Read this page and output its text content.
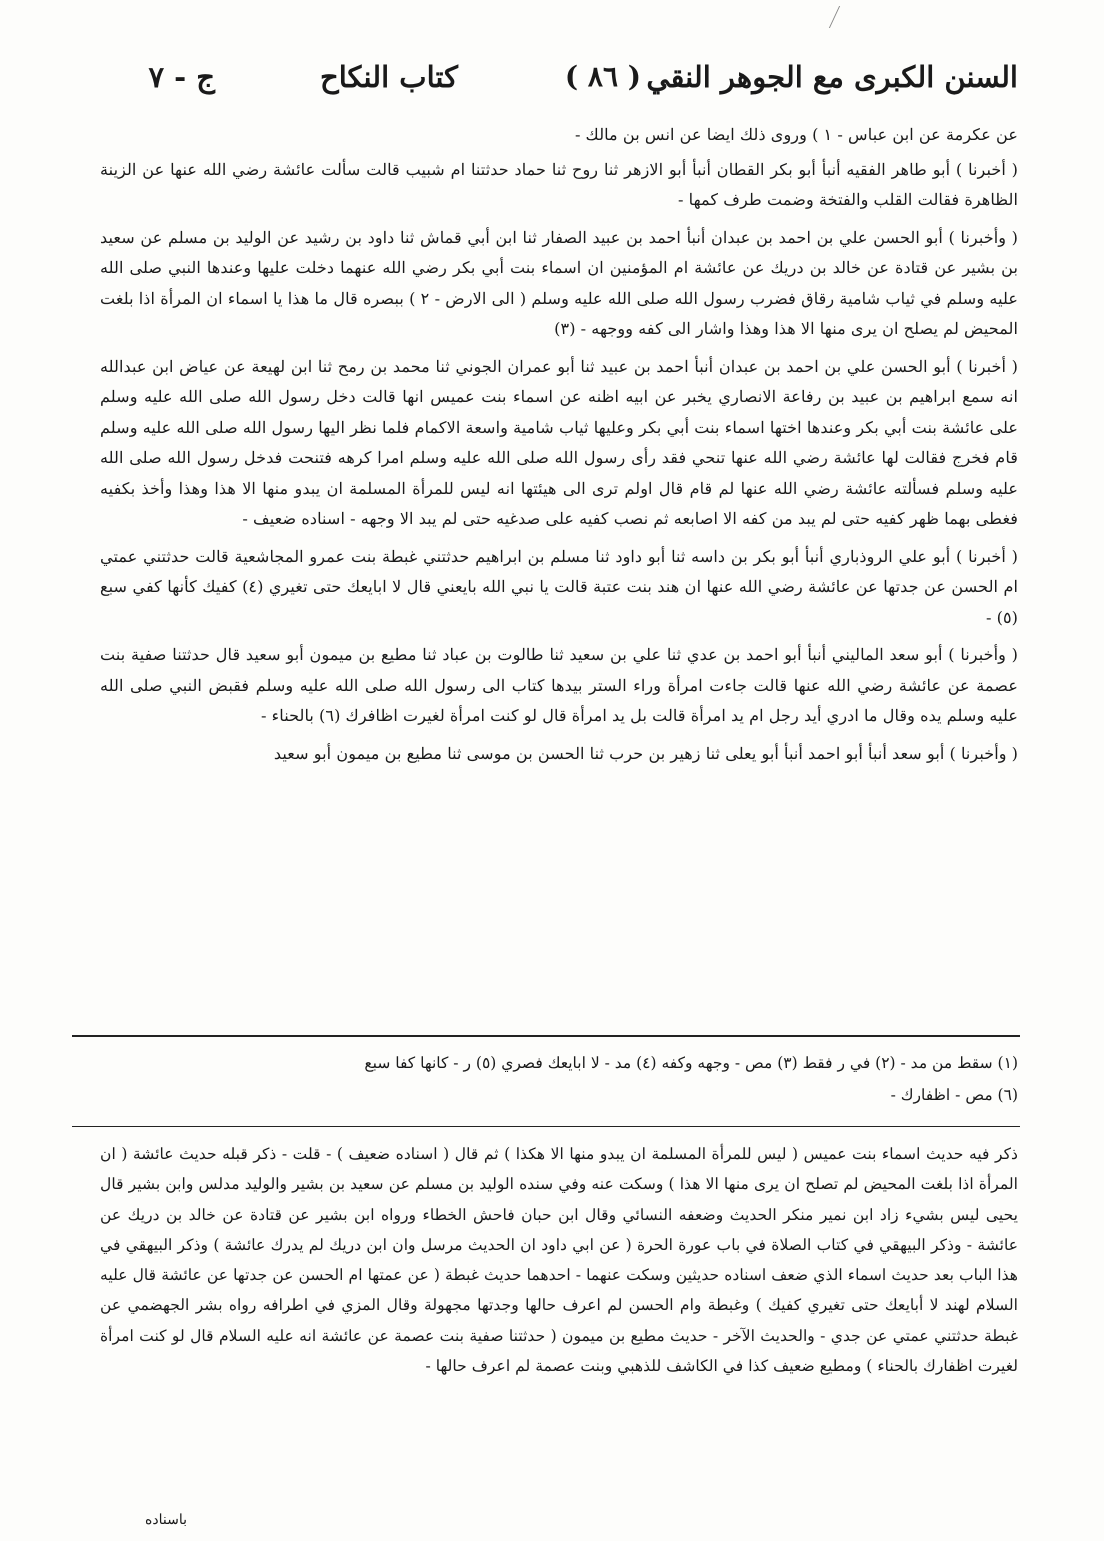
السنن الكبرى مع الجوهر النقي
( ٨٦ )
كتاب النكاح
ج - ٧

عن عكرمة عن ابن عباس - ١ ) وروى ذلك ايضا عن انس بن مالك -

( أخبرنا ) أبو طاهر الفقيه أنبأ أبو بكر القطان أنبأ أبو الازهر ثنا روح ثنا حماد حدثتنا ام شبيب قالت سألت عائشة رضي الله عنها عن الزينة الظاهرة فقالت القلب والفتخة وضمت طرف كمها -

( وأخبرنا ) أبو الحسن علي بن احمد بن عبدان أنبأ احمد بن عبيد الصفار ثنا ابن أبي قماش ثنا داود بن رشيد عن الوليد بن مسلم عن سعيد بن بشير عن قتادة عن خالد بن دريك عن عائشة ام المؤمنين ان اسماء بنت أبي بكر رضي الله عنهما دخلت عليها وعندها النبي صلى الله عليه وسلم في ثياب شامية رقاق فضرب رسول الله صلى الله عليه وسلم ( الى الارض - ٢ ) ببصره قال ما هذا يا اسماء ان المرأة اذا بلغت المحيض لم يصلح ان يرى منها الا هذا وهذا واشار الى كفه ووجهه - (٣)

( أخبرنا ) أبو الحسن علي بن احمد بن عبدان أنبأ احمد بن عبيد ثنا أبو عمران الجوني ثنا محمد بن رمح ثنا ابن لهيعة عن عياض ابن عبدالله انه سمع ابراهيم بن عبيد بن رفاعة الانصاري يخبر عن ابيه اظنه عن اسماء بنت عميس انها قالت دخل رسول الله صلى الله عليه وسلم على عائشة بنت أبي بكر وعندها اختها اسماء بنت أبي بكر وعليها ثياب شامية واسعة الاكمام فلما نظر اليها رسول الله صلى الله عليه وسلم قام فخرج فقالت لها عائشة رضي الله عنها تنحي فقد رأى رسول الله صلى الله عليه وسلم امرا كرهه فتنحت فدخل رسول الله صلى الله عليه وسلم فسألته عائشة رضي الله عنها لم قام قال اولم ترى الى هيئتها انه ليس للمرأة المسلمة ان يبدو منها الا هذا وهذا وأخذ بكفيه فغطى بهما ظهر كفيه حتى لم يبد من كفه الا اصابعه ثم نصب كفيه على صدغيه حتى لم يبد الا وجهه - اسناده ضعيف -

( أخبرنا ) أبو علي الروذباري أنبأ أبو بكر بن داسه ثنا أبو داود ثنا مسلم بن ابراهيم حدثتني غبطة بنت عمرو المجاشعية قالت حدثتني عمتي ام الحسن عن جدتها عن عائشة رضي الله عنها ان هند بنت عتبة قالت يا نبي الله بايعني قال لا ابايعك حتى تغيري (٤) كفيك كأنها كفي سبع (٥) -

( وأخبرنا ) أبو سعد الماليني أنبأ أبو احمد بن عدي ثنا علي بن سعيد ثنا طالوت بن عباد ثنا مطيع بن ميمون أبو سعيد قال حدثتنا صفية بنت عصمة عن عائشة رضي الله عنها قالت جاءت امرأة وراء الستر بيدها كتاب الى رسول الله صلى الله عليه وسلم فقبض النبي صلى الله عليه وسلم يده وقال ما ادري أيد رجل ام يد امرأة قالت بل يد امرأة قال لو كنت امرأة لغيرت اظافرك (٦) بالحناء -

( وأخبرنا ) أبو سعد أنبأ أبو احمد أنبأ أبو يعلى ثنا زهير بن حرب ثنا الحسن بن موسى ثنا مطيع بن ميمون أبو سعيد

(١) سقط من مد - (٢) في ر فقط (٣) مص - وجهه وكفه (٤) مد - لا ابايعك فصري (٥) ر - كانها كفا سبع
(٦) مص - اظفارك -
ذكر فيه حديث اسماء بنت عميس ( ليس للمرأة المسلمة ان يبدو منها الا هكذا ) ثم قال ( اسناده ضعيف ) - قلت - ذكر قبله حديث عائشة ( ان المرأة اذا بلغت المحيض لم تصلح ان يرى منها الا هذا ) وسكت عنه وفي سنده الوليد بن مسلم عن سعيد بن بشير والوليد مدلس وابن بشير قال يحيى ليس بشيء زاد ابن نمير منكر الحديث وضعفه النسائي وقال ابن حبان فاحش الخطاء ورواه ابن بشير عن قتادة عن خالد بن دريك عن عائشة - وذكر البيهقي في كتاب الصلاة في باب عورة الحرة ( عن ابي داود ان الحديث مرسل وان ابن دريك لم يدرك عائشة ) وذكر البيهقي في هذا الباب بعد حديث اسماء الذي ضعف اسناده حديثين وسكت عنهما - احدهما حديث غبطة ( عن عمتها ام الحسن عن جدتها عن عائشة قال عليه السلام لهند لا أبايعك حتى تغيري كفيك ) وغبطة وام الحسن لم اعرف حالها وجدتها مجهولة وقال المزي في اطرافه رواه بشر الجهضمي عن غبطة حدثتني عمتي عن جدي - والحديث الآخر - حديث مطيع بن ميمون ( حدثتنا صفية بنت عصمة عن عائشة انه عليه السلام قال لو كنت امرأة لغيرت اظفارك بالحناء ) ومطيع ضعيف كذا في الكاشف للذهبي وبنت عصمة لم اعرف حالها -
باسناده
